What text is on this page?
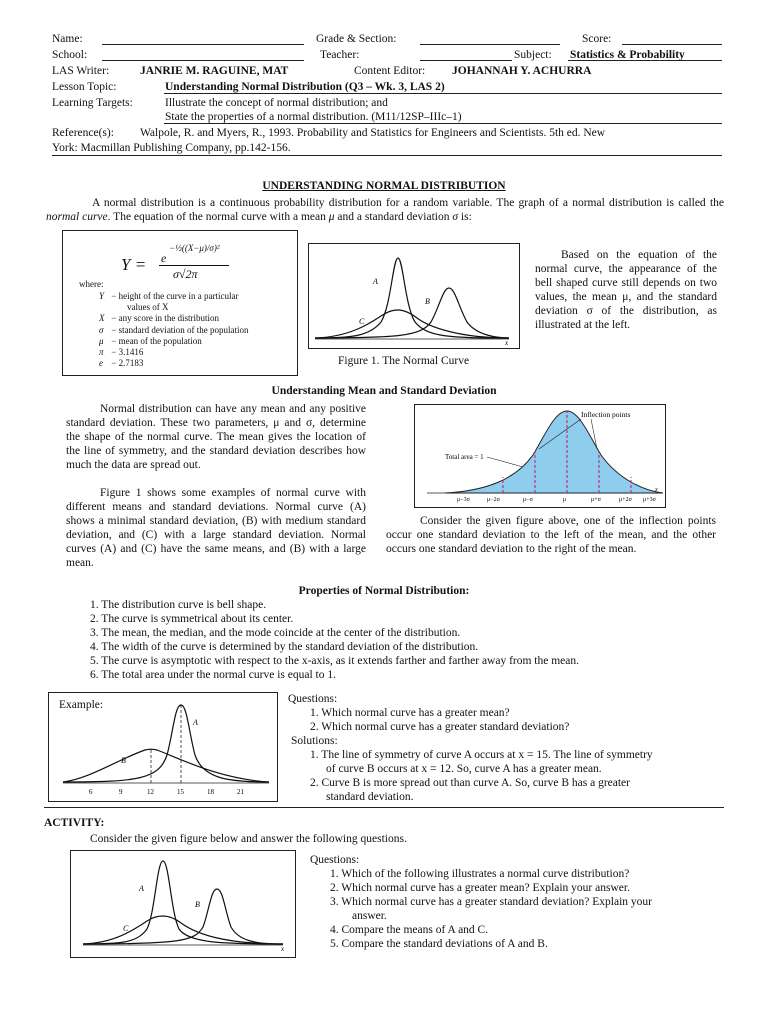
Name:	Grade & Section:	Score:
School:	Teacher:	Subject: Statistics & Probability
LAS Writer:	JANRIE M. RAGUINE, MAT	Content Editor: JOHANNAH Y. ACHURRA
Lesson Topic:	Understanding Normal Distribution (Q3 – Wk. 3, LAS 2)
Learning Targets:	Illustrate the concept of normal distribution; and
State the properties of a normal distribution. (M11/12SP–IIIc–1)
Reference(s): Walpole, R. and Myers, R., 1993. Probability and Statistics for Engineers and Scientists. 5th ed. New
York: Macmillan Publishing Company, pp.142-156.
UNDERSTANDING NORMAL DISTRIBUTION
A normal distribution is a continuous probability distribution for a random variable. The graph of a normal distribution is called the normal curve. The equation of the normal curve with a mean μ and a standard deviation σ is:
Y = e
−½((X−μ)/σ)²
σ√2π
where:
Y − height of the curve in a particular
values of X
X − any score in the distribution
σ − standard deviation of the population
μ − mean of the population
π − 3.1416
e − 2.7183
A
B
C
x
Figure 1. The Normal Curve
Based on the equation of the normal curve, the appearance of the bell shaped curve still depends on two values, the mean μ, and the standard deviation σ of the distribution, as illustrated at the left.
Understanding Mean and Standard Deviation
Normal distribution can have any mean and any positive standard deviation. These two parameters, μ and σ, determine the shape of the normal curve. The mean gives the location of the line of symmetry, and the standard deviation describes how much the data are spread out.
Figure 1 shows some examples of normal curve with different means and standard deviations. Normal curve (A) shows a minimal standard deviation, (B) with medium standard deviation, and (C) with a large standard deviation. Normal curves (A) and (C) have the same means, and (B) with a large mean.
Inflection points
Total area = 1
μ−3σ	μ−2σ	μ−σ	μ	μ+σ	μ+2σ μ+3σ
x
Consider the given figure above, one of the inflection points occur one standard deviation to the left of the mean, and the other occurs one standard deviation to the right of the mean.
Properties of Normal Distribution:
1. The distribution curve is bell shape.
2. The curve is symmetrical about its center.
3. The mean, the median, and the mode coincide at the center of the distribution.
4. The width of the curve is determined by the standard deviation of the distribution.
5. The curve is asymptotic with respect to the x-axis, as it extends farther and farther away from the mean.
6. The total area under the normal curve is equal to 1.
Example:
A
B
6	9	12	15	18	21
Questions:
1. Which normal curve has a greater mean?
2. Which normal curve has a greater standard deviation?
Solutions:
1. The line of symmetry of curve A occurs at x = 15. The line of symmetry
of curve B occurs at x = 12. So, curve A has a greater mean.
2. Curve B is more spread out than curve A. So, curve B has a greater
standard deviation.
ACTIVITY:
Consider the given figure below and answer the following questions.
A
B
C
x
Questions:
1. Which of the following illustrates a normal curve distribution?
2. Which normal curve has a greater mean? Explain your answer.
3. Which normal curve has a greater standard deviation? Explain your
answer.
4. Compare the means of A and C.
5. Compare the standard deviations of A and B.
